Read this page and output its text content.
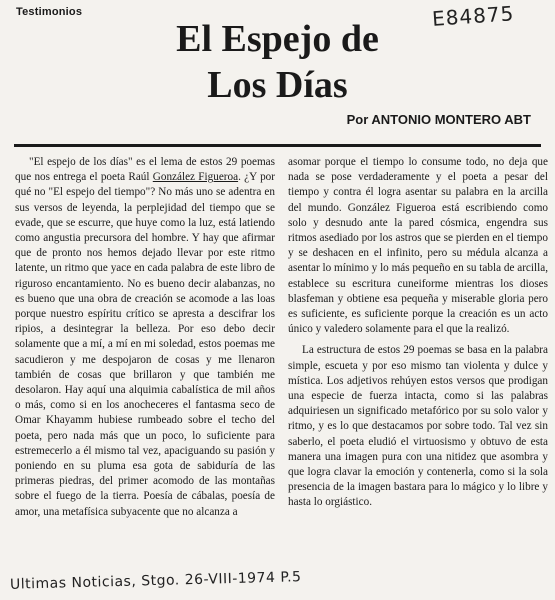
Testimonios	E84875
El Espejo de
Los Días
Por ANTONIO MONTERO ABT

"El espejo de los días" es el lema de estos 29 poemas que nos entrega el poeta Raúl González Figueroa. ¿Y por qué no "El espejo del tiempo"? No más uno se adentra en sus versos de leyenda, la perplejidad del tiempo que se evade, que se escurre, que huye como la luz, está latiendo como angustia precursora del hombre. Y hay que afirmar que de pronto nos hemos dejado llevar por este ritmo latente, un ritmo que yace en cada palabra de este libro de riguroso encantamiento. No es bueno decir alabanzas, no es bueno que una obra de creación se acomode a las loas porque nuestro espíritu crítico se apresta a descifrar los ripios, a desintegrar la belleza. Por eso debo decir solamente que a mí, a mí en mi soledad, estos poemas me sacudieron y me despojaron de cosas y me llenaron también de cosas que brillaron y que también me desolaron. Hay aquí una alquimia cabalística de mil años o más, como si en los anocheceres el fantasma seco de Omar Khayamm hubiese rumbeado sobre el techo del poeta, pero nada más que un poco, lo suficiente para estremecerlo a él mismo tal vez, apaciguando su pasión y poniendo en su pluma esa gota de sabiduría de las primeras piedras, del primer acomodo de las montañas sobre el fuego de la tierra. Poesía de cábalas, poesía de amor, una metafísica subyacente que no alcanza a

asomar porque el tiempo lo consume todo, no deja que nada se pose verdaderamente y el poeta a pesar del tiempo y contra él logra asentar su palabra en la arcilla del mundo. González Figueroa está escribiendo como solo y desnudo ante la pared cósmica, engendra sus ritmos asediado por los astros que se pierden en el tiempo y se deshacen en el infinito, pero su médula alcanza a asentar lo mínimo y lo más pequeño en su tabla de arcilla, establece su escritura cuneiforme mientras los dioses blasfeman y obtiene esa pequeña y miserable gloria pero es suficiente, es suficiente porque la creación es un acto único y valedero solamente para el que la realizó.

La estructura de estos 29 poemas se basa en la palabra simple, escueta y por eso mismo tan violenta y dulce y mística. Los adjetivos rehúyen estos versos que prodigan una especie de fuerza intacta, como si las palabras adquiriesen un significado metafórico por su solo valor y ritmo, y es lo que destacamos por sobre todo. Tal vez sin saberlo, el poeta eludió el virtuosismo y obtuvo de esta manera una imagen pura con una nitidez que asombra y que logra clavar la emoción y contenerla, como si la sola presencia de la imagen bastara para lo mágico y lo libre y hasta lo orgiástico.

Ultimas Noticias, Stgo. 26-VIII-1974 P.5
